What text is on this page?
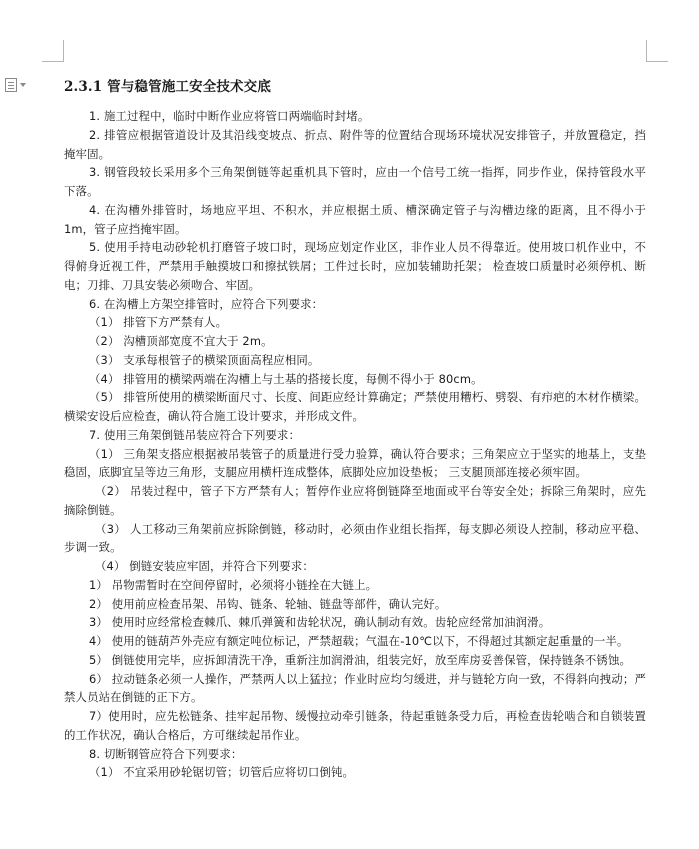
2.3.1 管与稳管施工安全技术交底

1. 施工过程中，临时中断作业应将管口两端临时封堵。

2. 排管应根据管道设计及其沿线变坡点、折点、附件等的位置结合现场环境状况安排管子，并放置稳定，挡掩牢固。

3. 钢管段较长采用多个三角架倒链等起重机具下管时，应由一个信号工统一指挥，同步作业，保持管段水平下落。

4. 在沟槽外排管时，场地应平坦、不积水，并应根据土质、槽深确定管子与沟槽边缘的距离，且不得小于 1m，管子应挡掩牢固。

5. 使用手持电动砂轮机打磨管子坡口时，现场应划定作业区，非作业人员不得靠近。使用坡口机作业中，不得俯身近视工件，严禁用手触摸坡口和擦拭铁屑；工件过长时，应加装辅助托架； 检查坡口质量时必须停机、断电；刀排、刀具安装必须吻合、牢固。

6. 在沟槽上方架空排管时，应符合下列要求：

（1） 排管下方严禁有人。

（2） 沟槽顶部宽度不宜大于 2m。

（3） 支承每根管子的横梁顶面高程应相同。

（4） 排管用的横梁两端在沟槽上与土基的搭接长度，每侧不得小于 80cm。

（5） 排管所使用的横梁断面尺寸、长度、间距应经计算确定；严禁使用糟朽、劈裂、有疖疤的木材作横梁。横梁安设后应检查，确认符合施工设计要求，并形成文件。

7. 使用三角架倒链吊装应符合下列要求：

（1） 三角架支搭应根据被吊装管子的质量进行受力验算，确认符合要求；三角架应立于坚实的地基上，支垫稳固，底脚宜呈等边三角形，支腿应用横杆连成整体，底脚处应加设垫板； 三支腿顶部连接必须牢固。

（2） 吊装过程中，管子下方严禁有人；暂停作业应将倒链降至地面或平台等安全处；拆除三角架时，应先摘除倒链。

（3） 人工移动三角架前应拆除倒链，移动时，必须由作业组长指挥，每支脚必须设人控制，移动应平稳、步调一致。

（4） 倒链安装应牢固，并符合下列要求：

1） 吊物需暂时在空间停留时，必须将小链拴在大链上。

2） 使用前应检查吊架、吊钩、链条、轮轴、链盘等部件，确认完好。

3） 使用时应经常检查棘爪、棘爪弹簧和齿轮状况，确认制动有效。齿轮应经常加油润滑。

4） 使用的链葫芦外壳应有额定吨位标记，严禁超载；气温在-10℃以下，不得超过其额定起重量的一半。

5） 倒链使用完毕，应拆卸清洗干净，重新注加润滑油，组装完好，放至库房妥善保管，保持链条不锈蚀。

6） 拉动链条必须一人操作，严禁两人以上猛拉；作业时应均匀缓进，并与链轮方向一致，不得斜向拽动；严禁人员站在倒链的正下方。

7）使用时，应先松链条、挂牢起吊物、缓慢拉动牵引链条，待起重链条受力后，再检查齿轮啮合和自锁装置的工作状况，确认合格后，方可继续起吊作业。

8. 切断钢管应符合下列要求：

（1） 不宜采用砂轮锯切管；切管后应将切口倒钝。
